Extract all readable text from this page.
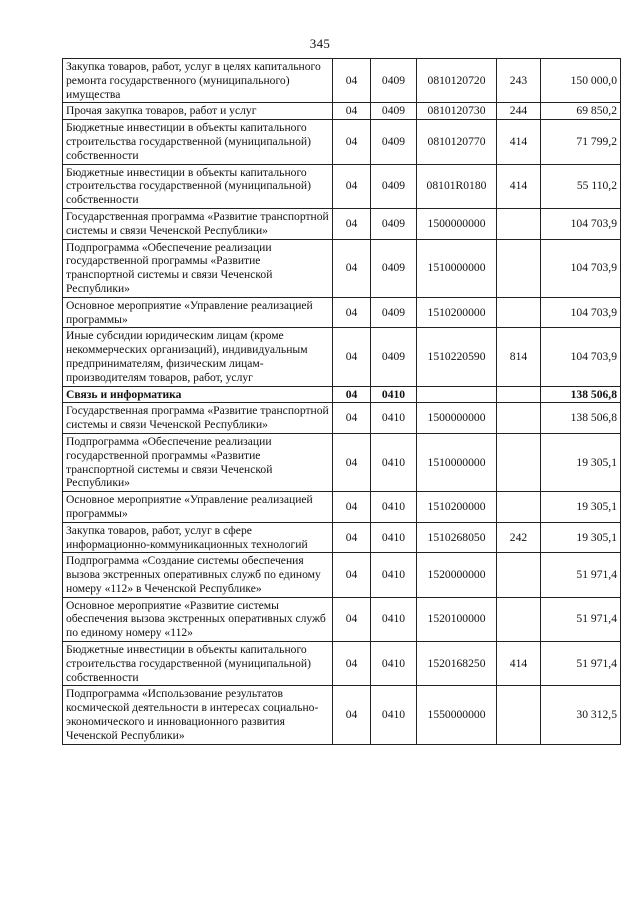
345
Закупка товаров, работ, услуг в целях капитального ремонта государственного (муниципального) имущества	04	0409	0810120720	243	150 000,0
Прочая закупка товаров, работ и услуг	04	0409	0810120730	244	69 850,2
Бюджетные инвестиции в объекты капитального строительства государственной (муниципальной) собственности	04	0409	0810120770	414	71 799,2
Бюджетные инвестиции в объекты капитального строительства государственной (муниципальной) собственности	04	0409	08101R0180	414	55 110,2
Государственная программа «Развитие транспортной системы и связи Чеченской Республики»	04	0409	1500000000		104 703,9
Подпрограмма «Обеспечение реализации государственной программы «Развитие транспортной системы и связи Чеченской Республики»	04	0409	1510000000		104 703,9
Основное мероприятие «Управление реализацией программы»	04	0409	1510200000		104 703,9
Иные субсидии юридическим лицам (кроме некоммерческих организаций), индивидуальным предпринимателям, физическим лицам-производителям товаров, работ, услуг	04	0409	1510220590	814	104 703,9
Связь и информатика	04	0410			138 506,8
Государственная программа «Развитие транспортной системы и связи Чеченской Республики»	04	0410	1500000000		138 506,8
Подпрограмма «Обеспечение реализации государственной программы «Развитие транспортной системы и связи Чеченской Республики»	04	0410	1510000000		19 305,1
Основное мероприятие «Управление реализацией программы»	04	0410	1510200000		19 305,1
Закупка товаров, работ, услуг в сфере информационно-коммуникационных технологий	04	0410	1510268050	242	19 305,1
Подпрограмма «Создание системы обеспечения вызова экстренных оперативных служб по единому номеру «112» в Чеченской Республике»	04	0410	1520000000		51 971,4
Основное мероприятие «Развитие системы обеспечения вызова экстренных оперативных служб по единому номеру «112»	04	0410	1520100000		51 971,4
Бюджетные инвестиции в объекты капитального строительства государственной (муниципальной) собственности	04	0410	1520168250	414	51 971,4
Подпрограмма «Использование результатов космической деятельности в интересах социально-экономического и инновационного развития Чеченской Республики»	04	0410	1550000000		30 312,5
